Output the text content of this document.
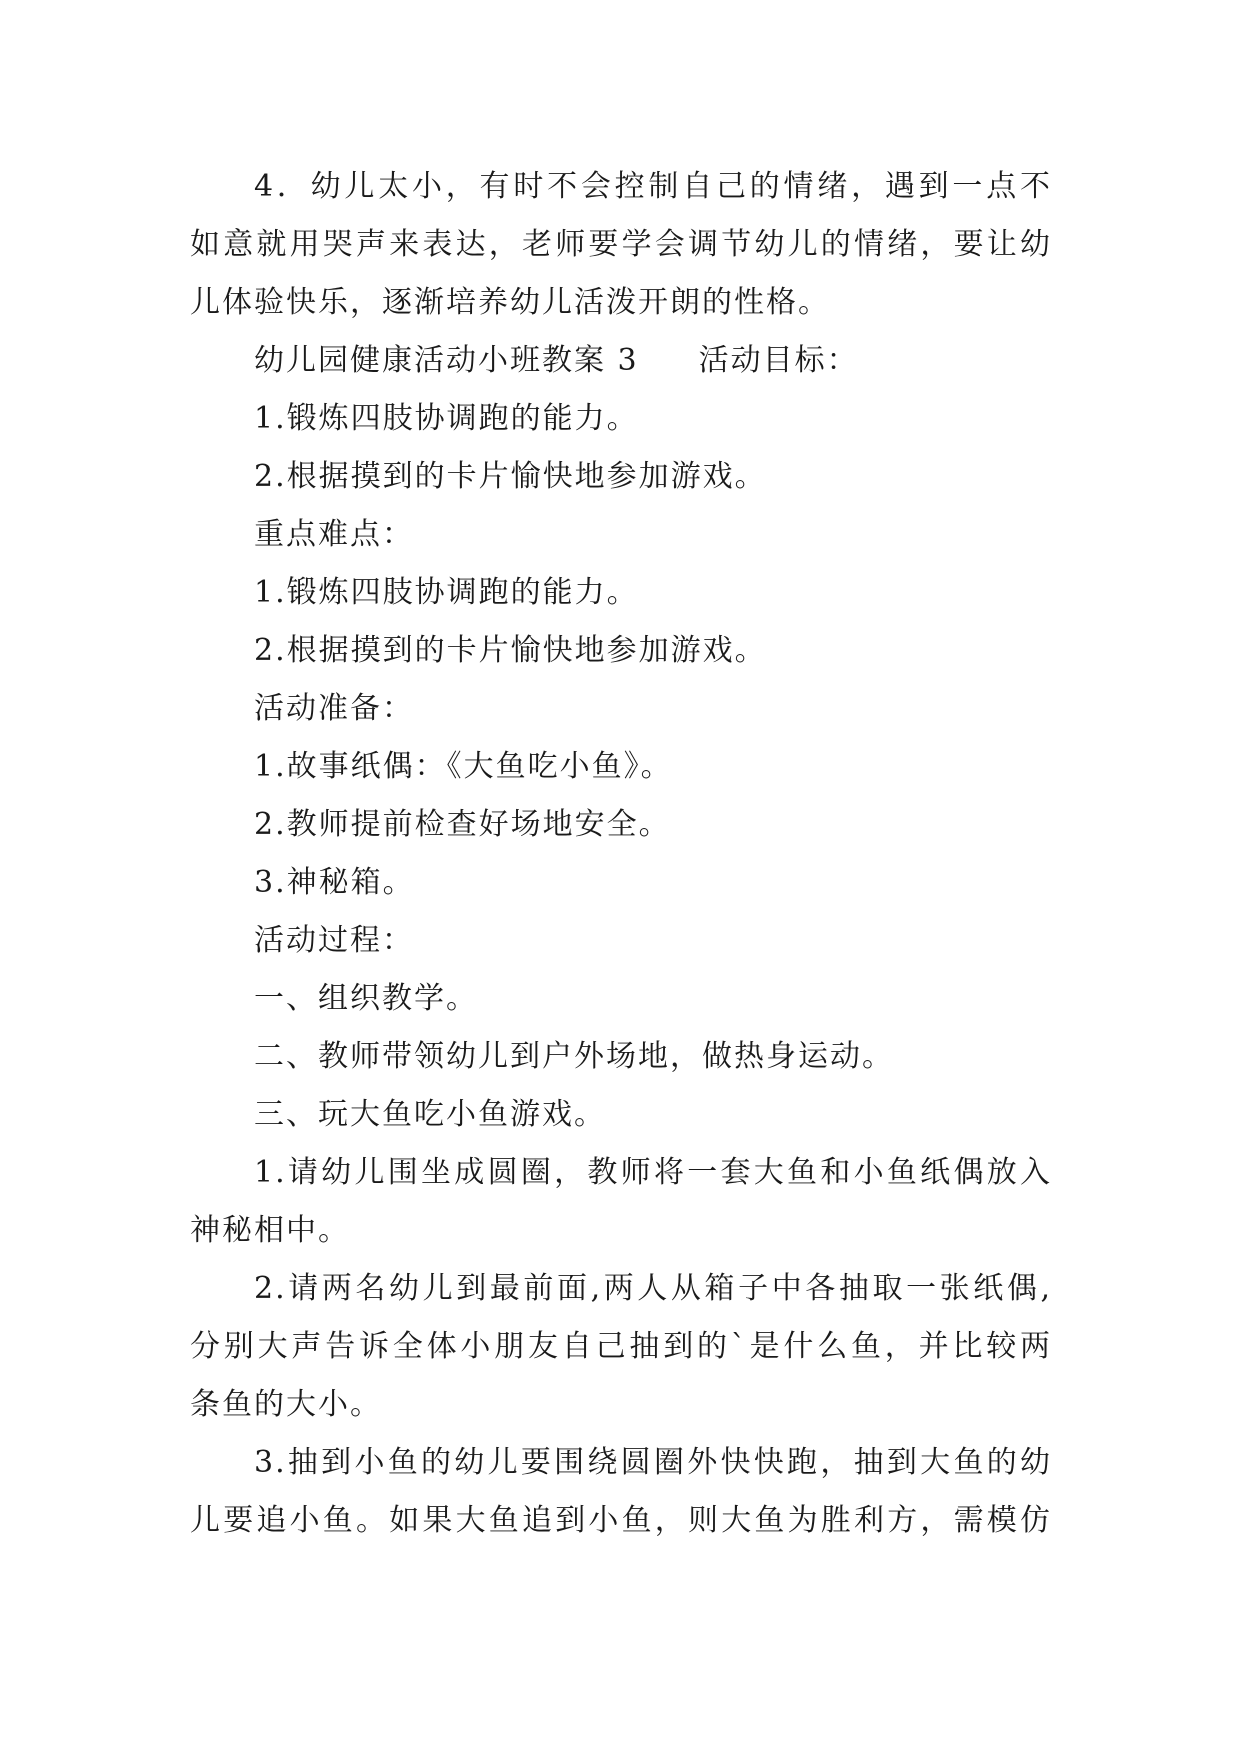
4．幼儿太小，有时不会控制自己的情绪，遇到一点不
如意就用哭声来表达，老师要学会调节幼儿的情绪，要让幼
儿体验快乐，逐渐培养幼儿活泼开朗的性格。
幼儿园健康活动小班教案 3 活动目标：
1.锻炼四肢协调跑的能力。
2.根据摸到的卡片愉快地参加游戏。
重点难点：
1.锻炼四肢协调跑的能力。
2.根据摸到的卡片愉快地参加游戏。
活动准备：
1.故事纸偶：《大鱼吃小鱼》。
2.教师提前检查好场地安全。
3.神秘箱。
活动过程：
一、组织教学。
二、教师带领幼儿到户外场地，做热身运动。
三、玩大鱼吃小鱼游戏。
1.请幼儿围坐成圆圈，教师将一套大鱼和小鱼纸偶放入
神秘相中。
2.请两名幼儿到最前面,两人从箱子中各抽取一张纸偶,
分别大声告诉全体小朋友自己抽到的`是什么鱼，并比较两
条鱼的大小。
3.抽到小鱼的幼儿要围绕圆圈外快快跑，抽到大鱼的幼
儿要追小鱼。如果大鱼追到小鱼，则大鱼为胜利方，需模仿
